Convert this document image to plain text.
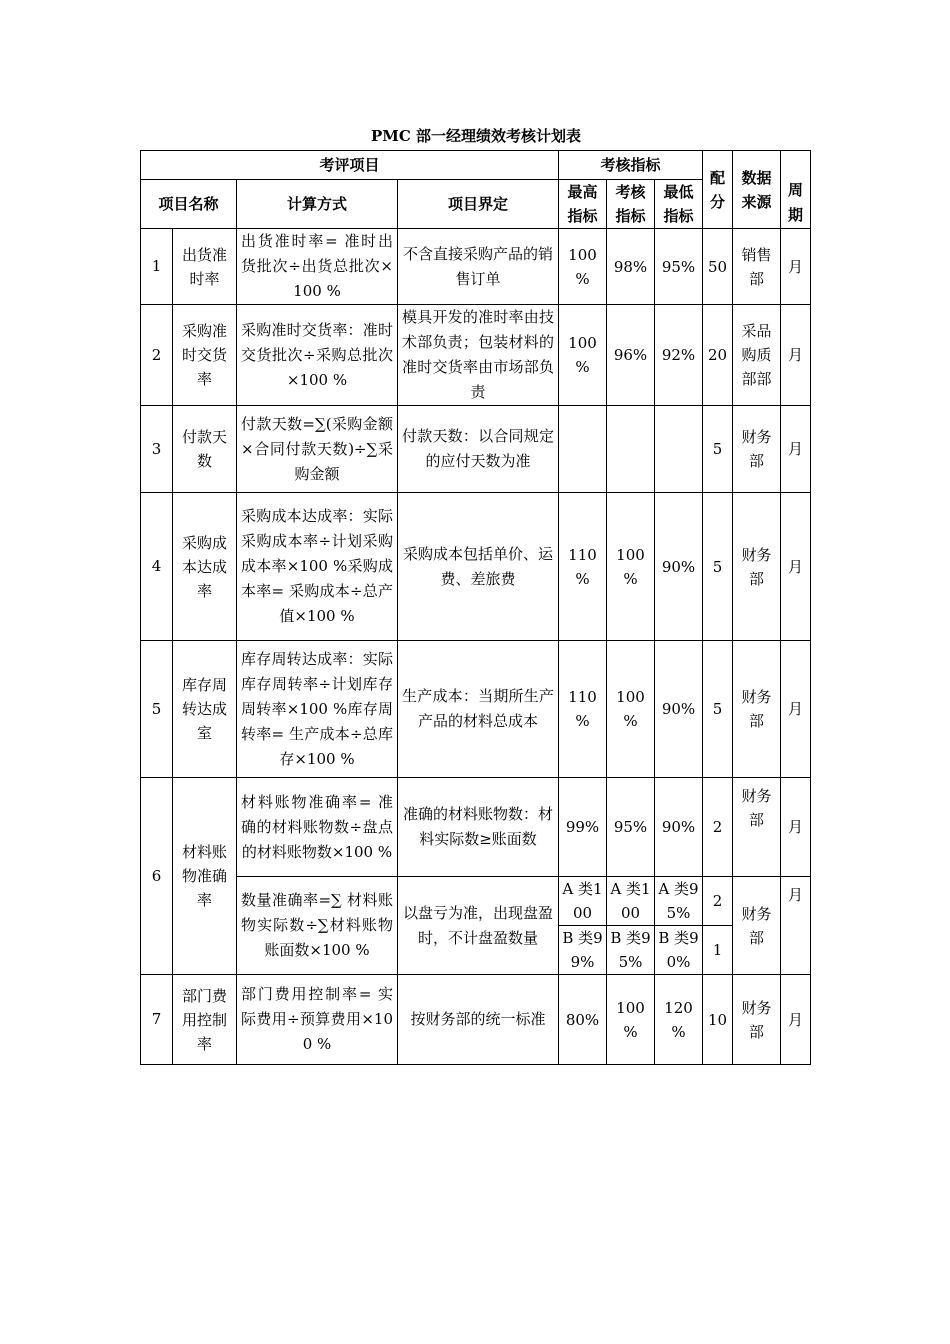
PMC 部一经理绩效考核计划表
考评项目				考核指标			配分	数据来源	周期

项目名称		计算方式	项目界定	最高指标	考核指标	最低指标			
1	出货准时率	出货准时率= 准时出货批次÷出货总批次×100 %	不含直接采购产品的销售订单	100 %	98%	95%	50	销售部	月
2	采购准时交货率	采购准时交货率：准时交货批次÷采购总批次×100 %	模具开发的准时率由技术部负责；包装材料的准时交货率由市场部负责	100 %	96%	92%	20	采品购质部部	月
3	付款天数	付款天数=∑(采购金额×合同付款天数)÷∑采购金额	付款天数：以合同规定的应付天数为准				5	财务部	月
4	采购成本达成率	采购成本达成率：实际采购成本率÷计划采购成本率×100 %采购成本率= 采购成本÷总产值×100 %	采购成本包括单价、运费、差旅费	110 %	100 %	90%	5	财务部	月
5	库存周转达成室	库存周转达成率：实际库存周转率÷计划库存周转率×100 %库存周转率= 生产成本÷总库存×100 %	生产成本：当期所生产产品的材料总成本	110 %	100 %	90%	5	财务部	月
6	材料账物准确率	材料账物准确率= 准确的材料账物数÷盘点的材料账物数×100 %	准确的材料账物数：材料实际数≥账面数	99%	95%	90%	2	财务部	月
		数量准确率=∑ 材料账物实际数÷∑材料账物账面数×100 %	以盘亏为准，出现盘盈时，不计盘盈数量	A 类100	A 类100	A 类95%	2	财务部	月
				B 类99%	B 类95%	B 类90%	1		
7	部门费用控制率	部门费用控制率= 实际费用÷预算费用×100 %	按财务部的统一标准	80%	100 %	120 %	10	财务部	月
